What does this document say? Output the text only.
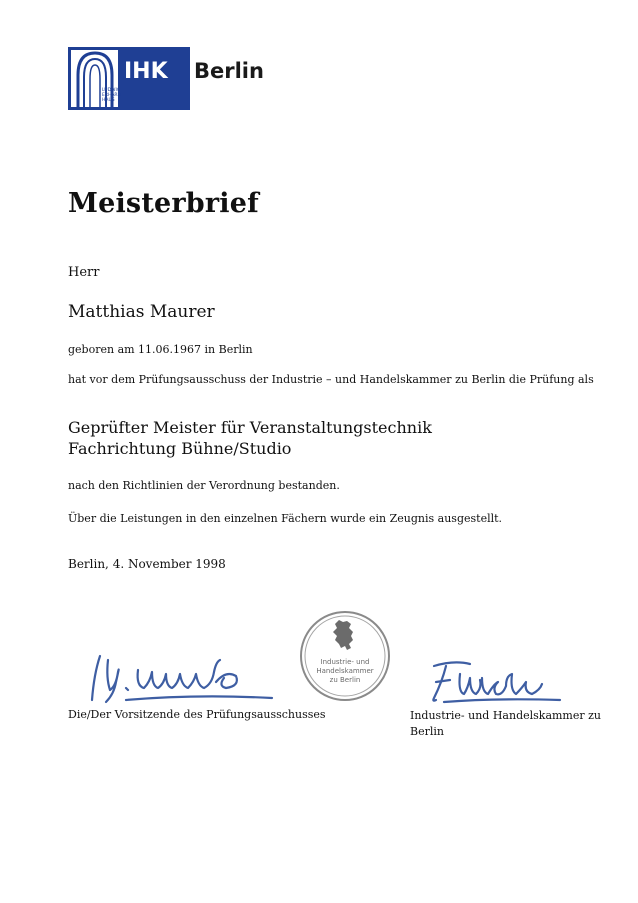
LUDWIG
ERHARD
HAUS
IHK Berlin
Meisterbrief
Herr
Matthias Maurer
geboren am 11.06.1967 in Berlin
hat vor dem Prüfungsausschuss der Industrie – und Handelskammer zu Berlin die Prüfung als
Geprüfter Meister für Veranstaltungstechnik
Fachrichtung Bühne/Studio
nach den Richtlinien der Verordnung bestanden.
Über die Leistungen in den einzelnen Fächern wurde ein Zeugnis ausgestellt.
Berlin, 4. November 1998
Industrie- und
Handelskammer
zu Berlin
Die/Der Vorsitzende des Prüfungsausschusses	Industrie- und Handelskammer zu Berlin
